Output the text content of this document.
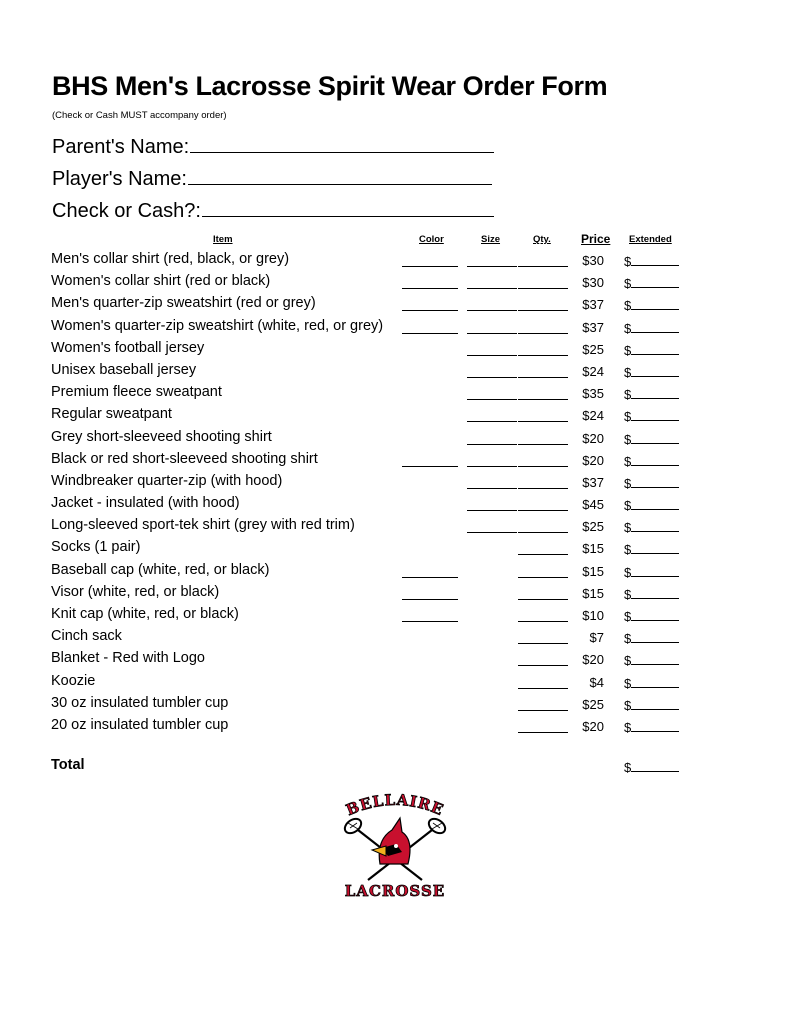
BHS Men's Lacrosse Spirit Wear Order Form
(Check or Cash MUST accompany order)
Parent's Name:
Player's Name:
Check or Cash?:
Item	Color	Size	Qty.	Price Extended
Men's collar shirt (red, black, or grey)	$30 $
Women's collar shirt (red or black)	$30 $
Men's quarter-zip sweatshirt (red or grey)	$37 $
Women's quarter-zip sweatshirt (white, red, or grey)	$37 $
Women's football jersey	$25 $
Unisex baseball jersey	$24 $
Premium fleece sweatpant	$35 $
Regular sweatpant	$24 $
Grey short-sleeveed shooting shirt	$20 $
Black or red short-sleeveed shooting shirt	$20 $
Windbreaker quarter-zip (with hood)	$37 $
Jacket - insulated (with hood)	$45 $
Long-sleeved sport-tek shirt (grey with red trim)	$25 $
Socks (1 pair)	$15 $
Baseball cap (white, red, or black)	$15 $
Visor (white, red, or black)	$15 $
Knit cap (white, red, or black)	$10 $
Cinch sack	$7 $
Blanket - Red with Logo	$20 $
Koozie	$4 $
30 oz insulated tumbler cup	$25 $
20 oz insulated tumbler cup	$20 $
Total	$
BELLAIRE
LACROSSE
